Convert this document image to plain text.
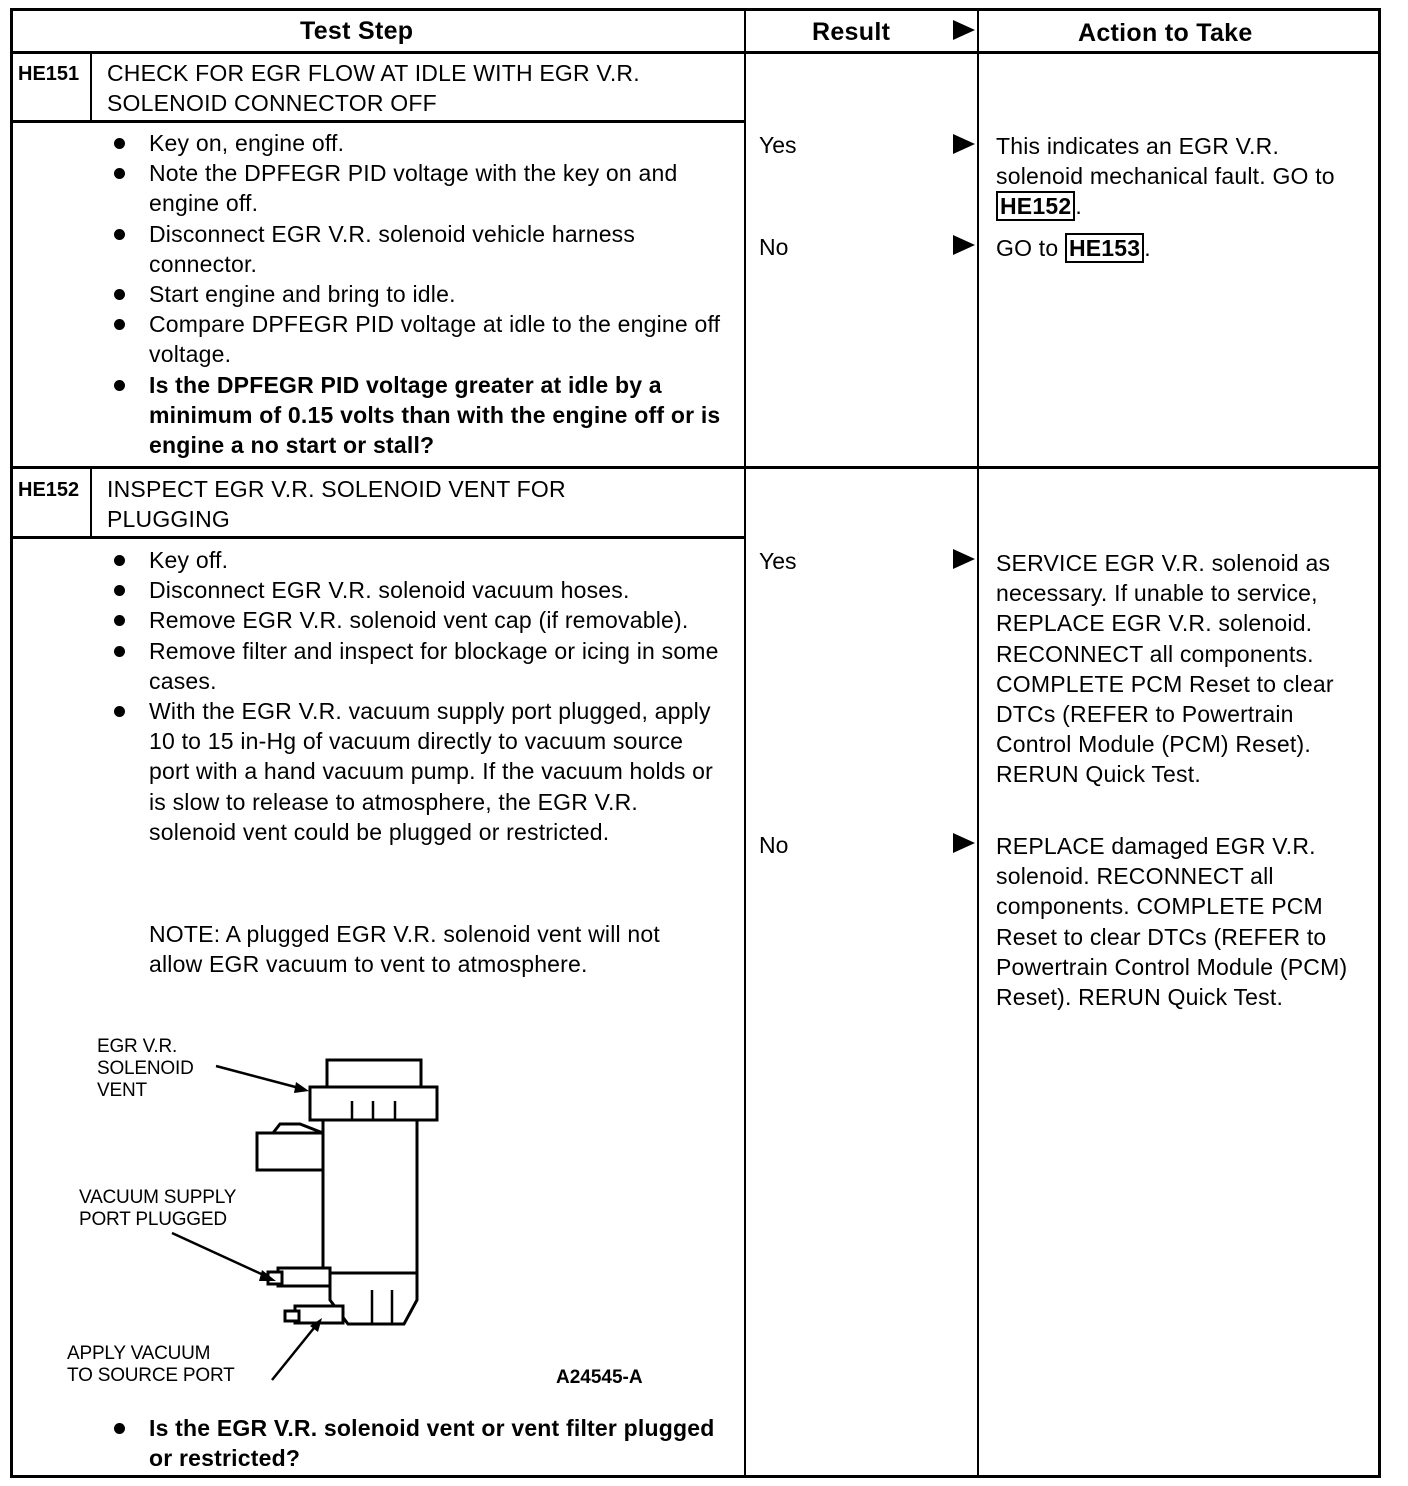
Test Step	Result	Action to Take
HE151 CHECK FOR EGR FLOW AT IDLE WITH EGR V.R. SOLENOID CONNECTOR OFF
Key on, engine off.
Note the DPFEGR PID voltage with the key on and engine off.
Disconnect EGR V.R. solenoid vehicle harness connector.
Start engine and bring to idle.
Compare DPFEGR PID voltage at idle to the engine off voltage.
Is the DPFEGR PID voltage greater at idle by a minimum of 0.15 volts than with the engine off or is engine a no start or stall?
Yes	This indicates an EGR V.R. solenoid mechanical fault. GO to HE152 .
No	GO to HE153 .
HE152 INSPECT EGR V.R. SOLENOID VENT FOR PLUGGING
Key off.
Disconnect EGR V.R. solenoid vacuum hoses.
Remove EGR V.R. solenoid vent cap (if removable).
Remove filter and inspect for blockage or icing in some cases.
With the EGR V.R. vacuum supply port plugged, apply 10 to 15 in-Hg of vacuum directly to vacuum source port with a hand vacuum pump. If the vacuum holds or is slow to release to atmosphere, the EGR V.R. solenoid vent could be plugged or restricted.
NOTE: A plugged EGR V.R. solenoid vent will not allow EGR vacuum to vent to atmosphere.
EGR V.R.
SOLENOID
VENT
VACUUM SUPPLY
PORT PLUGGED
APPLY VACUUM
TO SOURCE PORT	A24545-A
Is the EGR V.R. solenoid vent or vent filter plugged or restricted?
Yes	SERVICE EGR V.R. solenoid as necessary. If unable to service, REPLACE EGR V.R. solenoid. RECONNECT all components. COMPLETE PCM Reset to clear DTCs (REFER to Powertrain Control Module (PCM) Reset). RERUN Quick Test.
No	REPLACE damaged EGR V.R. solenoid. RECONNECT all components. COMPLETE PCM Reset to clear DTCs (REFER to Powertrain Control Module (PCM) Reset). RERUN Quick Test.
